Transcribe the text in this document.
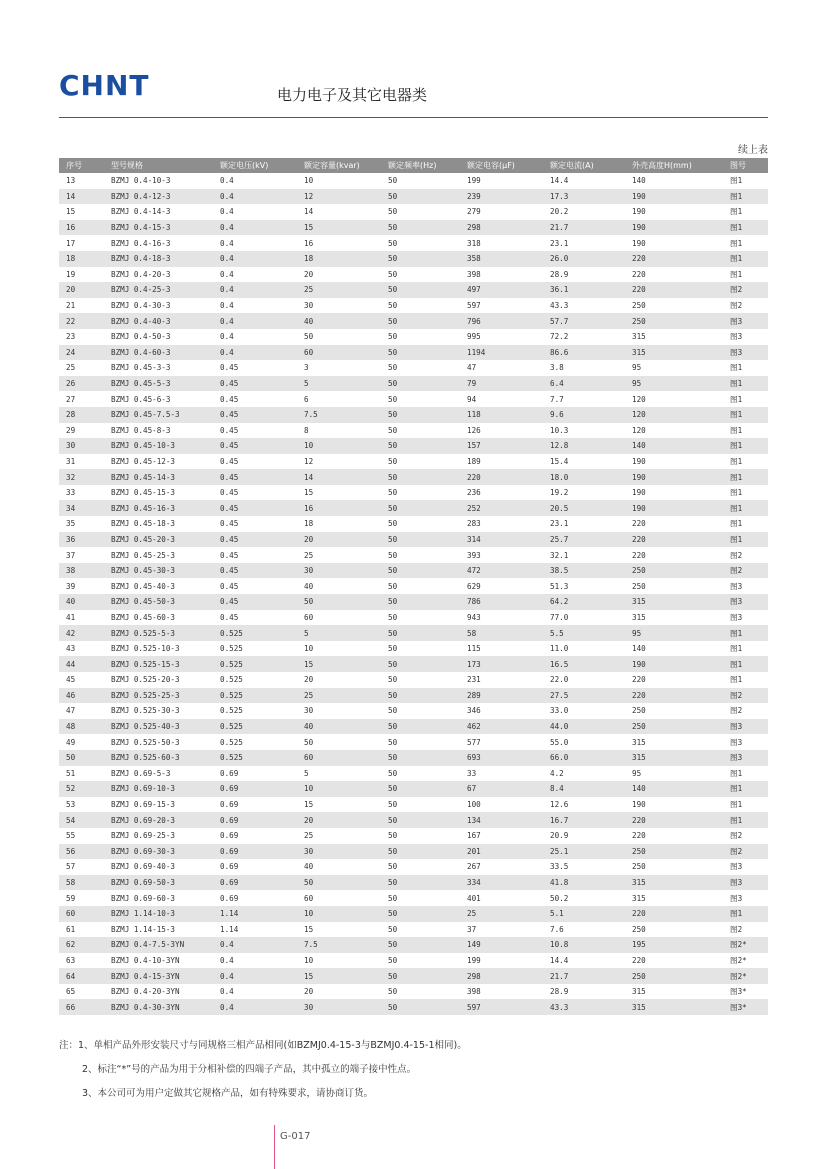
CHNT	电力电子及其它电器类
续上表
序号	型号规格	额定电压(kV)	额定容量(kvar)	额定频率(Hz)	额定电容(μF)	额定电流(A)	外壳高度H(mm)	图号
13	BZMJ 0.4-10-3	0.4	10	50	199	14.4	140	图1
14	BZMJ 0.4-12-3	0.4	12	50	239	17.3	190	图1
15	BZMJ 0.4-14-3	0.4	14	50	279	20.2	190	图1
16	BZMJ 0.4-15-3	0.4	15	50	298	21.7	190	图1
17	BZMJ 0.4-16-3	0.4	16	50	318	23.1	190	图1
18	BZMJ 0.4-18-3	0.4	18	50	358	26.0	220	图1
19	BZMJ 0.4-20-3	0.4	20	50	398	28.9	220	图1
20	BZMJ 0.4-25-3	0.4	25	50	497	36.1	220	图2
21	BZMJ 0.4-30-3	0.4	30	50	597	43.3	250	图2
22	BZMJ 0.4-40-3	0.4	40	50	796	57.7	250	图3
23	BZMJ 0.4-50-3	0.4	50	50	995	72.2	315	图3
24	BZMJ 0.4-60-3	0.4	60	50	1194	86.6	315	图3
25	BZMJ 0.45-3-3	0.45	3	50	47	3.8	95	图1
26	BZMJ 0.45-5-3	0.45	5	50	79	6.4	95	图1
27	BZMJ 0.45-6-3	0.45	6	50	94	7.7	120	图1
28	BZMJ 0.45-7.5-3	0.45	7.5	50	118	9.6	120	图1
29	BZMJ 0.45-8-3	0.45	8	50	126	10.3	120	图1
30	BZMJ 0.45-10-3	0.45	10	50	157	12.8	140	图1
31	BZMJ 0.45-12-3	0.45	12	50	189	15.4	190	图1
32	BZMJ 0.45-14-3	0.45	14	50	220	18.0	190	图1
33	BZMJ 0.45-15-3	0.45	15	50	236	19.2	190	图1
34	BZMJ 0.45-16-3	0.45	16	50	252	20.5	190	图1
35	BZMJ 0.45-18-3	0.45	18	50	283	23.1	220	图1
36	BZMJ 0.45-20-3	0.45	20	50	314	25.7	220	图1
37	BZMJ 0.45-25-3	0.45	25	50	393	32.1	220	图2
38	BZMJ 0.45-30-3	0.45	30	50	472	38.5	250	图2
39	BZMJ 0.45-40-3	0.45	40	50	629	51.3	250	图3
40	BZMJ 0.45-50-3	0.45	50	50	786	64.2	315	图3
41	BZMJ 0.45-60-3	0.45	60	50	943	77.0	315	图3
42	BZMJ 0.525-5-3	0.525	5	50	58	5.5	95	图1
43	BZMJ 0.525-10-3	0.525	10	50	115	11.0	140	图1
44	BZMJ 0.525-15-3	0.525	15	50	173	16.5	190	图1
45	BZMJ 0.525-20-3	0.525	20	50	231	22.0	220	图1
46	BZMJ 0.525-25-3	0.525	25	50	289	27.5	220	图2
47	BZMJ 0.525-30-3	0.525	30	50	346	33.0	250	图2
48	BZMJ 0.525-40-3	0.525	40	50	462	44.0	250	图3
49	BZMJ 0.525-50-3	0.525	50	50	577	55.0	315	图3
50	BZMJ 0.525-60-3	0.525	60	50	693	66.0	315	图3
51	BZMJ 0.69-5-3	0.69	5	50	33	4.2	95	图1
52	BZMJ 0.69-10-3	0.69	10	50	67	8.4	140	图1
53	BZMJ 0.69-15-3	0.69	15	50	100	12.6	190	图1
54	BZMJ 0.69-20-3	0.69	20	50	134	16.7	220	图1
55	BZMJ 0.69-25-3	0.69	25	50	167	20.9	220	图2
56	BZMJ 0.69-30-3	0.69	30	50	201	25.1	250	图2
57	BZMJ 0.69-40-3	0.69	40	50	267	33.5	250	图3
58	BZMJ 0.69-50-3	0.69	50	50	334	41.8	315	图3
59	BZMJ 0.69-60-3	0.69	60	50	401	50.2	315	图3
60	BZMJ 1.14-10-3	1.14	10	50	25	5.1	220	图1
61	BZMJ 1.14-15-3	1.14	15	50	37	7.6	250	图2
62	BZMJ 0.4-7.5-3YN	0.4	7.5	50	149	10.8	195	图2*
63	BZMJ 0.4-10-3YN	0.4	10	50	199	14.4	220	图2*
64	BZMJ 0.4-15-3YN	0.4	15	50	298	21.7	250	图2*
65	BZMJ 0.4-20-3YN	0.4	20	50	398	28.9	315	图3*
66	BZMJ 0.4-30-3YN	0.4	30	50	597	43.3	315	图3*
注：1、单相产品外形安装尺寸与同规格三相产品相同(如BZMJ0.4-15-3与BZMJ0.4-15-1相同)。
2、标注“*”号的产品为用于分相补偿的四端子产品，其中孤立的端子接中性点。
3、本公司可为用户定做其它规格产品，如有特殊要求，请协商订货。
G-017
